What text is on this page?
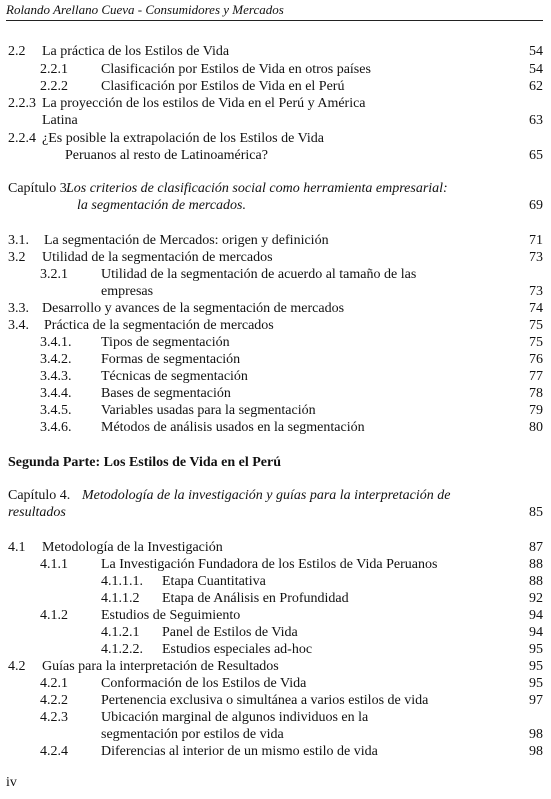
Rolando Arellano Cueva - Consumidores y Mercados
2.2 La práctica de los Estilos de Vida	54
2.2.1 Clasificación por Estilos de Vida en otros países	54
2.2.2 Clasificación por Estilos de Vida en el Perú	62
2.2.3 La proyección de los estilos de Vida en el Perú y América
Latina	63
2.2.4 ¿Es posible la extrapolación de los Estilos de Vida
Peruanos al resto de Latinoamérica?	65
Capítulo 3.
Los criterios de clasificación social como herramienta empresarial:
la segmentación de mercados.	69
3.1. La segmentación de Mercados: origen y definición	71
3.2 Utilidad de la segmentación de mercados	73
3.2.1 Utilidad de la segmentación de acuerdo al tamaño de las
empresas	73
3.3. Desarrollo y avances de la segmentación de mercados	74
3.4. Práctica de la segmentación de mercados	75
3.4.1. Tipos de segmentación	75
3.4.2. Formas de segmentación	76
3.4.3. Técnicas de segmentación	77
3.4.4. Bases de segmentación	78
3.4.5. Variables usadas para la segmentación	79
3.4.6. Métodos de análisis usados en la segmentación	80
Segunda Parte: Los Estilos de Vida en el Perú
Capítulo 4. Metodología de la investigación y guías para la interpretación de
resultados	85
4.1 Metodología de la Investigación	87
4.1.1 La Investigación Fundadora de los Estilos de Vida Peruanos	88
4.1.1.1. Etapa Cuantitativa	88
4.1.1.2 Etapa de Análisis en Profundidad	92
4.1.2 Estudios de Seguimiento	94
4.1.2.1 Panel de Estilos de Vida	94
4.1.2.2. Estudios especiales ad-hoc	95
4.2 Guías para la interpretación de Resultados	95
4.2.1 Conformación de los Estilos de Vida	95
4.2.2 Pertenencia exclusiva o simultánea a varios estilos de vida	97
4.2.3 Ubicación marginal de algunos individuos en la
segmentación por estilos de vida	98
4.2.4 Diferencias al interior de un mismo estilo de vida	98
iv
